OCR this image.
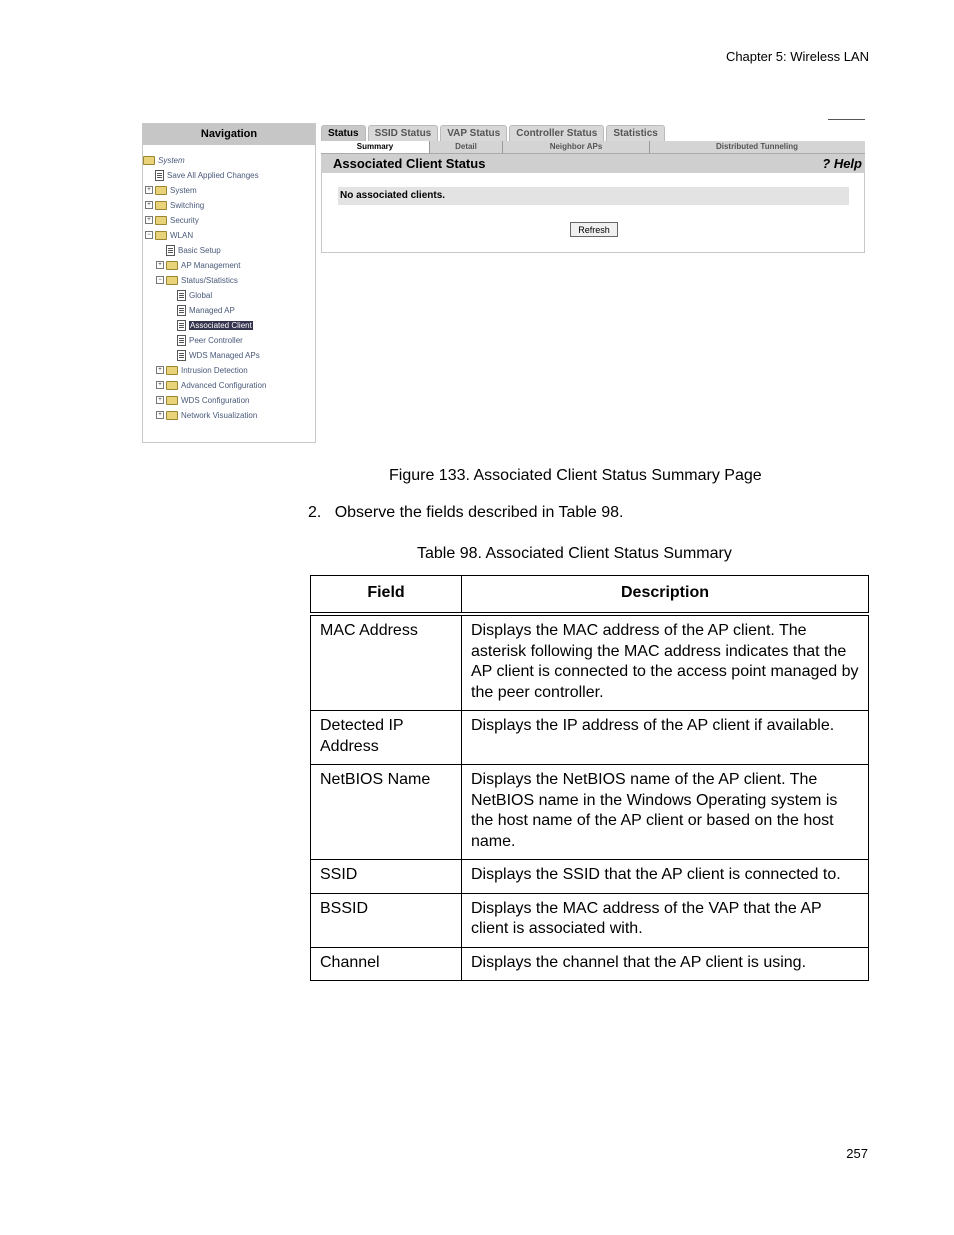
Chapter 5: Wireless LAN
Navigation
System
Save All Applied Changes
+ System
+ Switching
+ Security
− WLAN
Basic Setup
+ AP Management
− Status/Statistics
Global
Managed AP
Associated Client
Peer Controller
WDS Managed APs
+ Intrusion Detection
+ Advanced Configuration
+ WDS Configuration
+ Network Visualization
Status	SSID Status	VAP Status	Controller Status	Statistics
Summary	Detail	Neighbor APs	Distributed Tunneling
Associated Client Status	? Help
No associated clients.
Refresh
Figure 133. Associated Client Status Summary Page
2. Observe the fields described in Table 98.
Table 98. Associated Client Status Summary
Field	Description
MAC Address	Displays the MAC address of the AP client. The asterisk following the MAC address indicates that the AP client is connected to the access point managed by the peer controller.
Detected IP Address	Displays the IP address of the AP client if available.
NetBIOS Name	Displays the NetBIOS name of the AP client. The NetBIOS name in the Windows Operating system is the host name of the AP client or based on the host name.
SSID	Displays the SSID that the AP client is connected to.
BSSID	Displays the MAC address of the VAP that the AP client is associated with.
Channel	Displays the channel that the AP client is using.
257
